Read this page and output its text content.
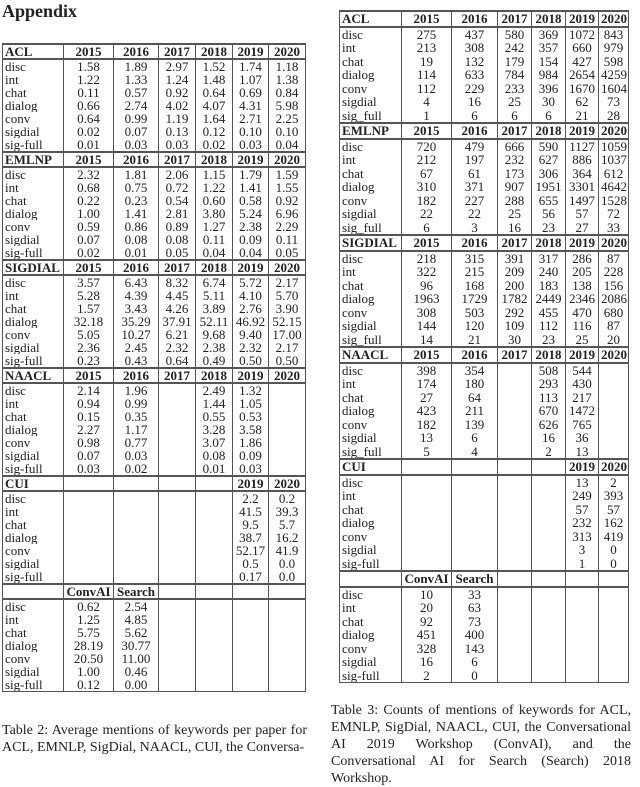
Appendix
ACL	2015	2016	2017	2018	2019	2020
disc	1.58	1.89	2.97	1.52	1.74	1.18
int	1.22	1.33	1.24	1.48	1.07	1.38
chat	0.11	0.57	0.92	0.64	0.69	0.84
dialog	0.66	2.74	4.02	4.07	4.31	5.98
conv	0.64	0.99	1.19	1.64	2.71	2.25
sigdial	0.02	0.07	0.13	0.12	0.10	0.10
sig-full	0.01	0.03	0.03	0.02	0.03	0.04
EMLNP	2015	2016	2017	2018	2019	2020
disc	2.32	1.81	2.06	1.15	1.79	1.59
int	0.68	0.75	0.72	1.22	1.41	1.55
chat	0.22	0.23	0.54	0.60	0.58	0.92
dialog	1.00	1.41	2.81	3.80	5.24	6.96
conv	0.59	0.86	0.89	1.27	2.38	2.29
sigdial	0.07	0.08	0.08	0.11	0.09	0.11
sig-full	0.02	0.01	0.05	0.04	0.04	0.05
SIGDIAL	2015	2016	2017	2018	2019	2020
disc	3.57	6.43	8.32	6.74	5.72	2.17
int	5.28	4.39	4.45	5.11	4.10	5.70
chat	1.57	3.43	4.26	3.89	2.76	3.90
dialog	32.18	35.29	37.91	52.11	46.92	52.15
conv	5.05	10.27	6.21	9.68	9.40	17.00
sigdial	2.36	2.45	2.32	2.38	2.32	2.17
sig-full	0.23	0.43	0.64	0.49	0.50	0.50
NAACL	2015	2016	2017	2018	2019	2020
disc	2.14	1.96		2.49	1.32	
int	0.94	0.99		1.44	1.05	
chat	0.15	0.35		0.55	0.53	
dialog	2.27	1.17		3.28	3.58	
conv	0.98	0.77		3.07	1.86	
sigdial	0.07	0.03		0.08	0.09	
sig-full	0.03	0.02		0.01	0.03	
CUI					2019	2020
disc					2.2	0.2
int					41.5	39.3
chat					9.5	5.7
dialog					38.7	16.2
conv					52.17	41.9
sigdial					0.5	0.0
sig-full					0.17	0.0
	ConvAI	Search				
disc	0.62	2.54				
int	1.25	4.85				
chat	5.75	5.62				
dialog	28.19	30.77				
conv	20.50	11.00				
sigdial	1.00	0.46				
sig-full	0.12	0.00				
Table 2: Average mentions of keywords per paper for ACL, EMNLP, SigDial, NAACL, CUI, the Conversa-
ACL	2015	2016	2017	2018	2019	2020
disc	275	437	580	369	1072	843
int	213	308	242	357	660	979
chat	19	132	179	154	427	598
dialog	114	633	784	984	2654	4259
conv	112	229	233	396	1670	1604
sigdial	4	16	25	30	62	73
sig_full	1	6	6	6	21	28
EMLNP	2015	2016	2017	2018	2019	2020
disc	720	479	666	590	1127	1059
int	212	197	232	627	886	1037
chat	67	61	173	306	364	612
dialog	310	371	907	1951	3301	4642
conv	182	227	288	655	1497	1528
sigdial	22	22	25	56	57	72
sig_full	6	3	16	23	27	33
SIGDIAL	2015	2016	2017	2018	2019	2020
disc	218	315	391	317	286	87
int	322	215	209	240	205	228
chat	96	168	200	183	138	156
dialog	1963	1729	1782	2449	2346	2086
conv	308	503	292	455	470	680
sigdial	144	120	109	112	116	87
sig_full	14	21	30	23	25	20
NAACL	2015	2016	2017	2018	2019	2020
disc	398	354		508	544	
int	174	180		293	430	
chat	27	64		113	217	
dialog	423	211		670	1472	
conv	182	139		626	765	
sigdial	13	6		16	36	
sig_full	5	4		2	13	
CUI					2019	2020
disc					13	2
int					249	393
chat					57	57
dialog					232	162
conv					313	419
sigdial					3	0
sig-full					1	0
	ConvAI	Search				
disc	10	33				
int	20	63				
chat	92	73				
dialog	451	400				
conv	328	143				
sigdial	16	6				
sig-full	2	0				
Table 3: Counts of mentions of keywords for ACL, EMNLP, SigDial, NAACL, CUI, the Conversational AI 2019 Workshop (ConvAI), and the Conversational AI for Search (Search) 2018 Workshop.
